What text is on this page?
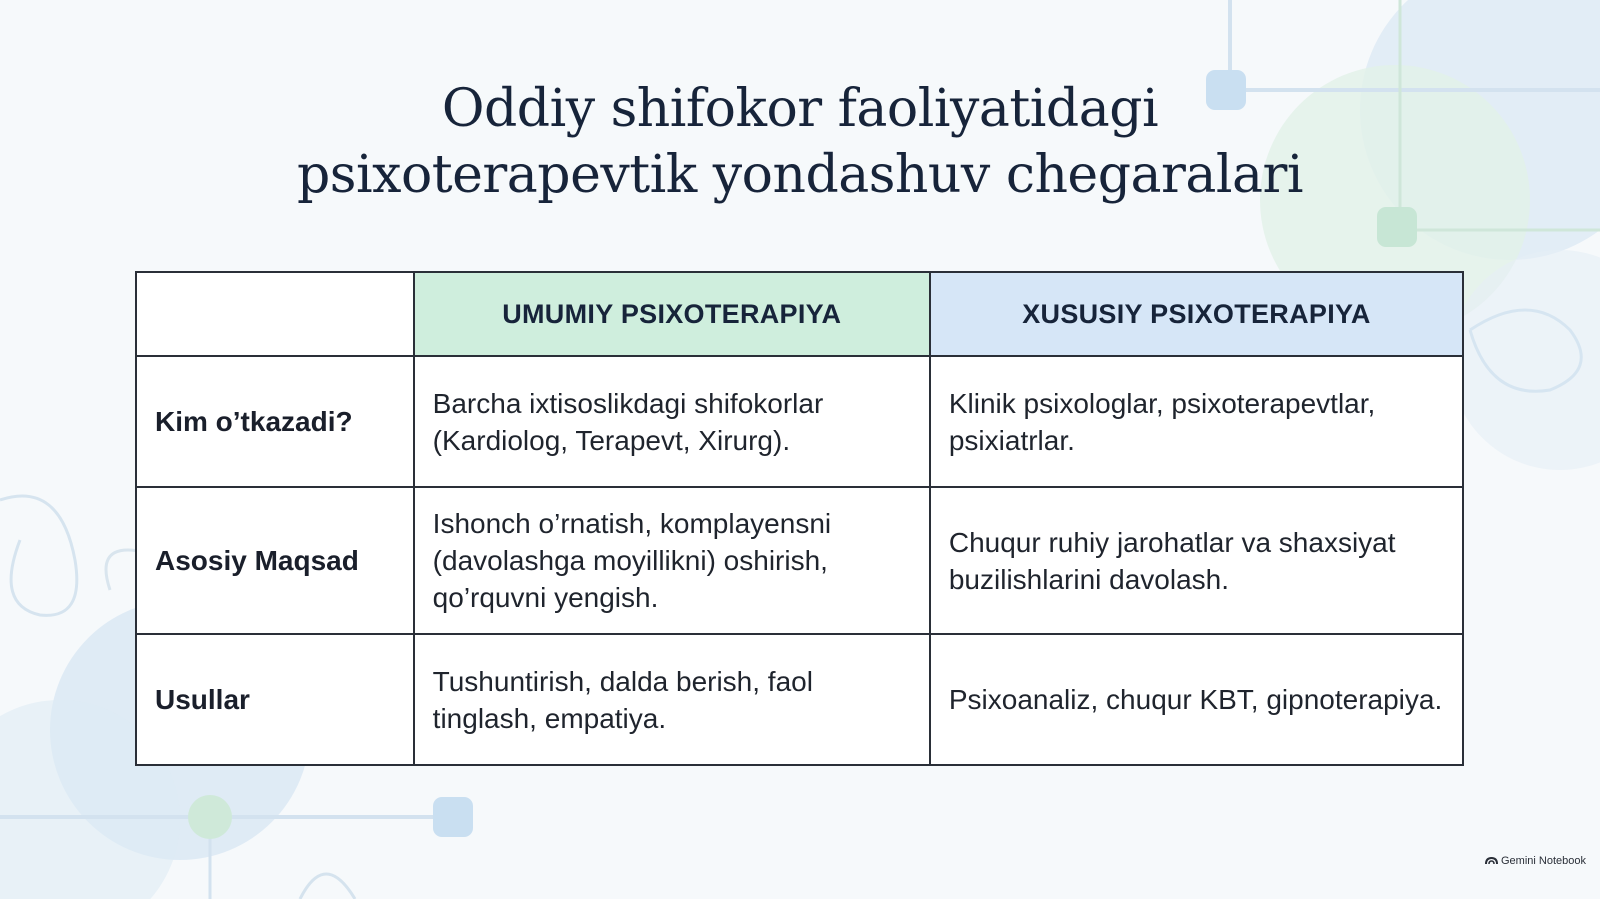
Oddiy shifokor faoliyatidagi
psixoterapevtik yondashuv chegaralari
	UMUMIY PSIXOTERAPIYA	XUSUSIY PSIXOTERAPIYA
Kim o’tkazadi?	Barcha ixtisoslikdagi shifokorlar (Kardiolog, Terapevt, Xirurg).	Klinik psixologlar, psixoterapevtlar, psixiatrlar.
Asosiy Maqsad	Ishonch o’rnatish, komplayensni (davolashga moyillikni) oshirish, qo’rquvni yengish.	Chuqur ruhiy jarohatlar va shaxsiyat buzilishlarini davolash.
Usullar	Tushuntirish, dalda berish, faol tinglash, empatiya.	Psixoanaliz, chuqur KBT, gipnoterapiya.
Gemini Notebook
